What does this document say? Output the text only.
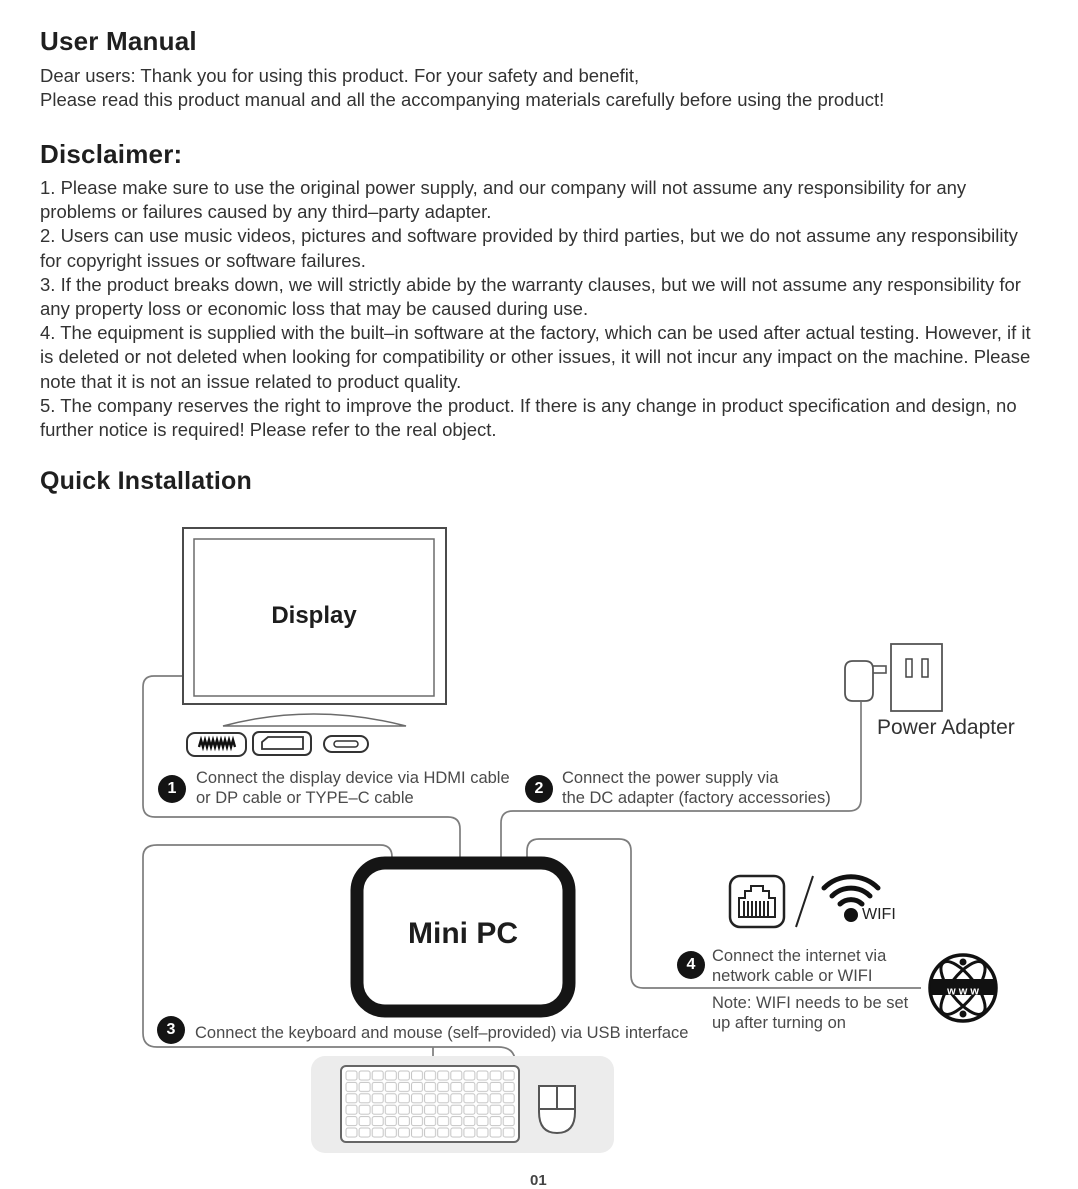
User Manual

Dear users: Thank you for using this product. For your safety and benefit,

Please read this product manual and all the accompanying materials carefully before using the product!

Disclaimer:

1. Please make sure to use the original power supply, and our company will not assume any responsibility for any problems or failures caused by any third–party adapter.

2. Users can use music videos, pictures and software provided by third parties, but we do not assume any responsibility for copyright issues or software failures.

3. If the product breaks down, we will strictly abide by the warranty clauses, but we will not assume any responsibility for any property loss or economic loss that may be caused during use.

4. The equipment is supplied with the built–in software at the factory, which can be used after actual testing. However, if it is deleted or not deleted when looking for compatibility or other issues, it will not incur any impact on the machine. Please note that it is not an issue related to product quality.

5. The company reserves the right to improve the product. If there is any change in product specification and design, no further notice is required! Please refer to the real object.

Quick Installation
w w w
Display
Mini PC
Power Adapter
WIFI
1
Connect the display device via HDMI cable
or DP cable or TYPE–C cable
2
Connect the power supply via
the DC adapter (factory accessories)
3	Connect the keyboard and mouse (self–provided) via USB interface
4	Connect the internet via
network cable or WIFI
Note: WIFI needs to be set
up after turning on
01
